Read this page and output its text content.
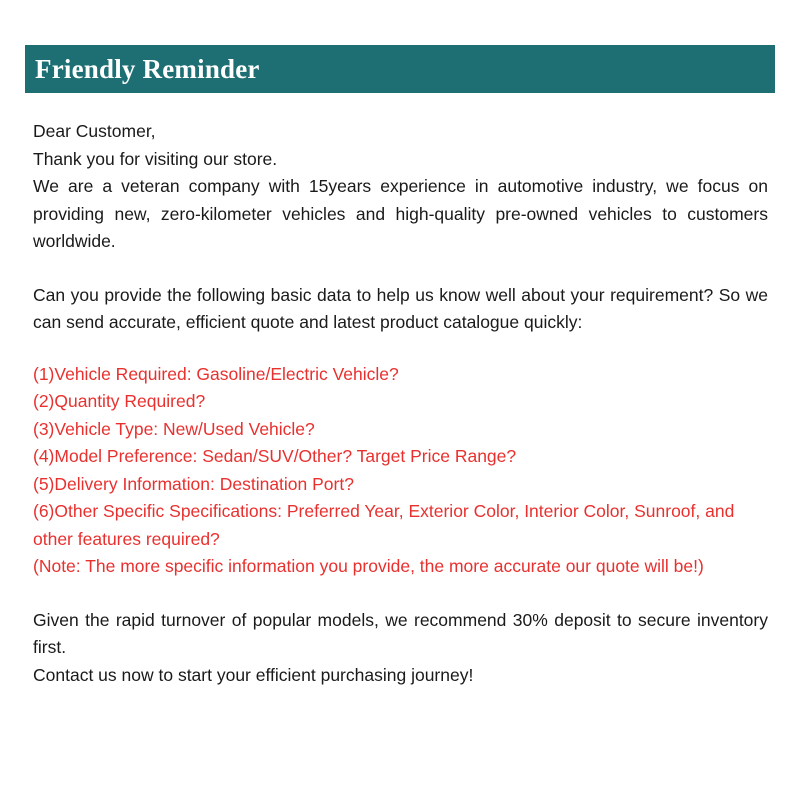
Friendly Reminder

Dear Customer,

Thank you for visiting our store.

We are a veteran company with 15years experience in automotive industry, we focus on providing new, zero-kilometer vehicles and high-quality pre-owned vehicles to customers worldwide.

Can you provide the following basic data to help us know well about your requirement? So we can send accurate, efficient quote and latest product catalogue quickly:

(1)Vehicle Required: Gasoline/Electric Vehicle?

(2)Quantity Required?

(3)Vehicle Type: New/Used Vehicle?

(4)Model Preference: Sedan/SUV/Other? Target Price Range?

(5)Delivery Information: Destination Port?

(6)Other Specific Specifications: Preferred Year, Exterior Color, Interior Color, Sunroof, and other features required?

(Note: The more specific information you provide, the more accurate our quote will be!)

Given the rapid turnover of popular models, we recommend 30% deposit to secure inventory first.

Contact us now to start your efficient purchasing journey!
